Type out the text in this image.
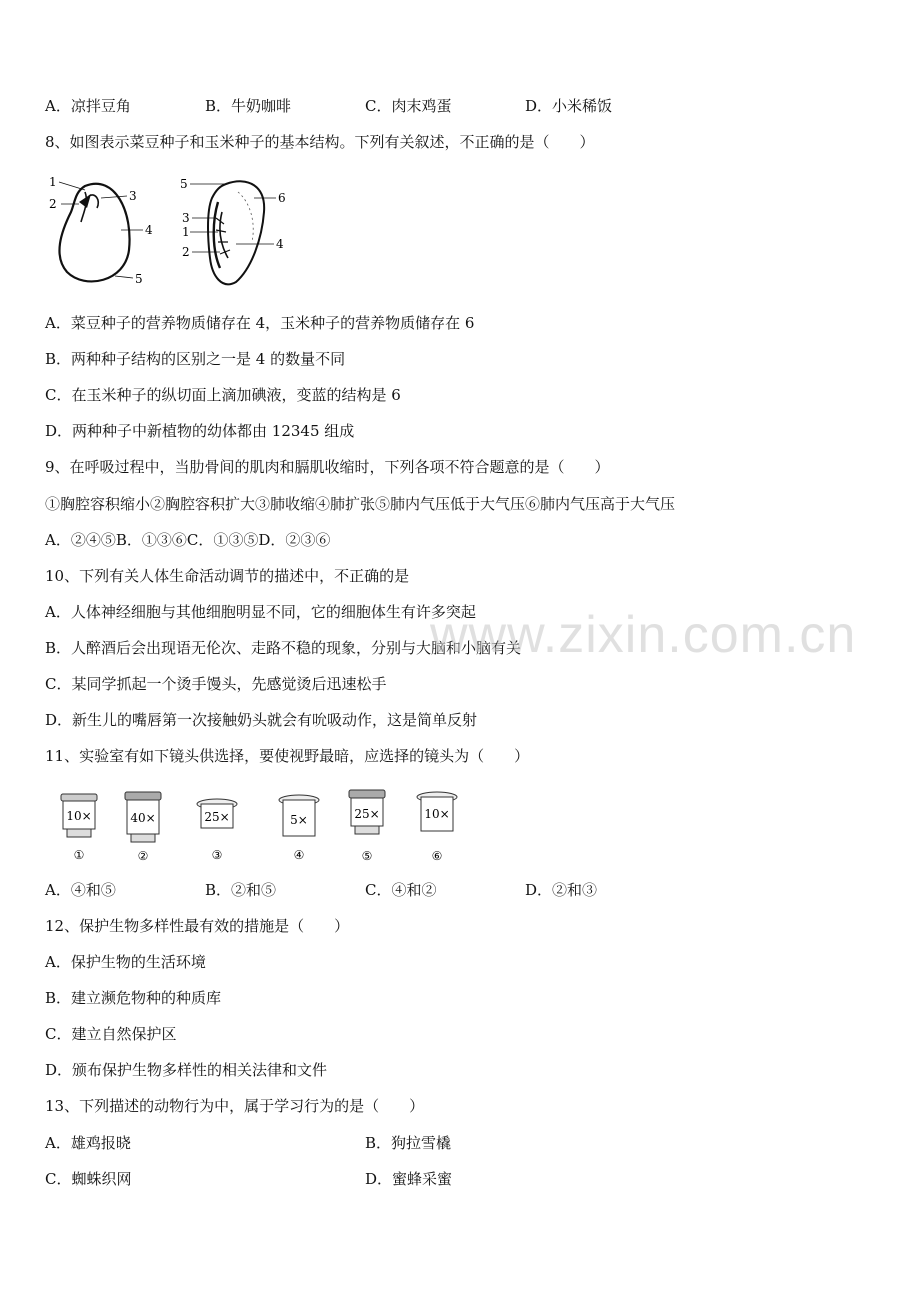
A．凉拌豆角	B．牛奶咖啡	C．肉末鸡蛋	D．小米稀饭
8、如图表示菜豆种子和玉米种子的基本结构。下列有关叙述，不正确的是（　　）
1
2
3
4
5
5
6
3
1
2
4
A．菜豆种子的营养物质储存在 4，玉米种子的营养物质储存在 6
B．两种种子结构的区别之一是 4 的数量不同
C．在玉米种子的纵切面上滴加碘液，变蓝的结构是 6
D．两种种子中新植物的幼体都由 12345 组成
9、在呼吸过程中，当肋骨间的肌肉和膈肌收缩时，下列各项不符合题意的是（　　）
①胸腔容积缩小②胸腔容积扩大③肺收缩④肺扩张⑤肺内气压低于大气压⑥肺内气压高于大气压
A．②④⑤B．①③⑥C．①③⑤D．②③⑥
10、下列有关人体生命活动调节的描述中，不正确的是
A．人体神经细胞与其他细胞明显不同，它的细胞体生有许多突起
B．人醉酒后会出现语无伦次、走路不稳的现象，分别与大脑和小脑有关
C．某同学抓起一个烫手馒头，先感觉烫后迅速松手
D．新生儿的嘴唇第一次接触奶头就会有吮吸动作，这是简单反射
www.zixin.com.cn
11、实验室有如下镜头供选择，要使视野最暗，应选择的镜头为（　　）
10×
①
40×
②
25×
③
5×
④
25×
⑤
10×
⑥
A．④和⑤	B．②和⑤	C．④和②	D．②和③
12、保护生物多样性最有效的措施是（　　）
A．保护生物的生活环境
B．建立濒危物种的种质库
C．建立自然保护区
D．颁布保护生物多样性的相关法律和文件
13、下列描述的动物行为中，属于学习行为的是（　　）
A．雄鸡报晓	B．狗拉雪橇
C．蜘蛛织网	D．蜜蜂采蜜
